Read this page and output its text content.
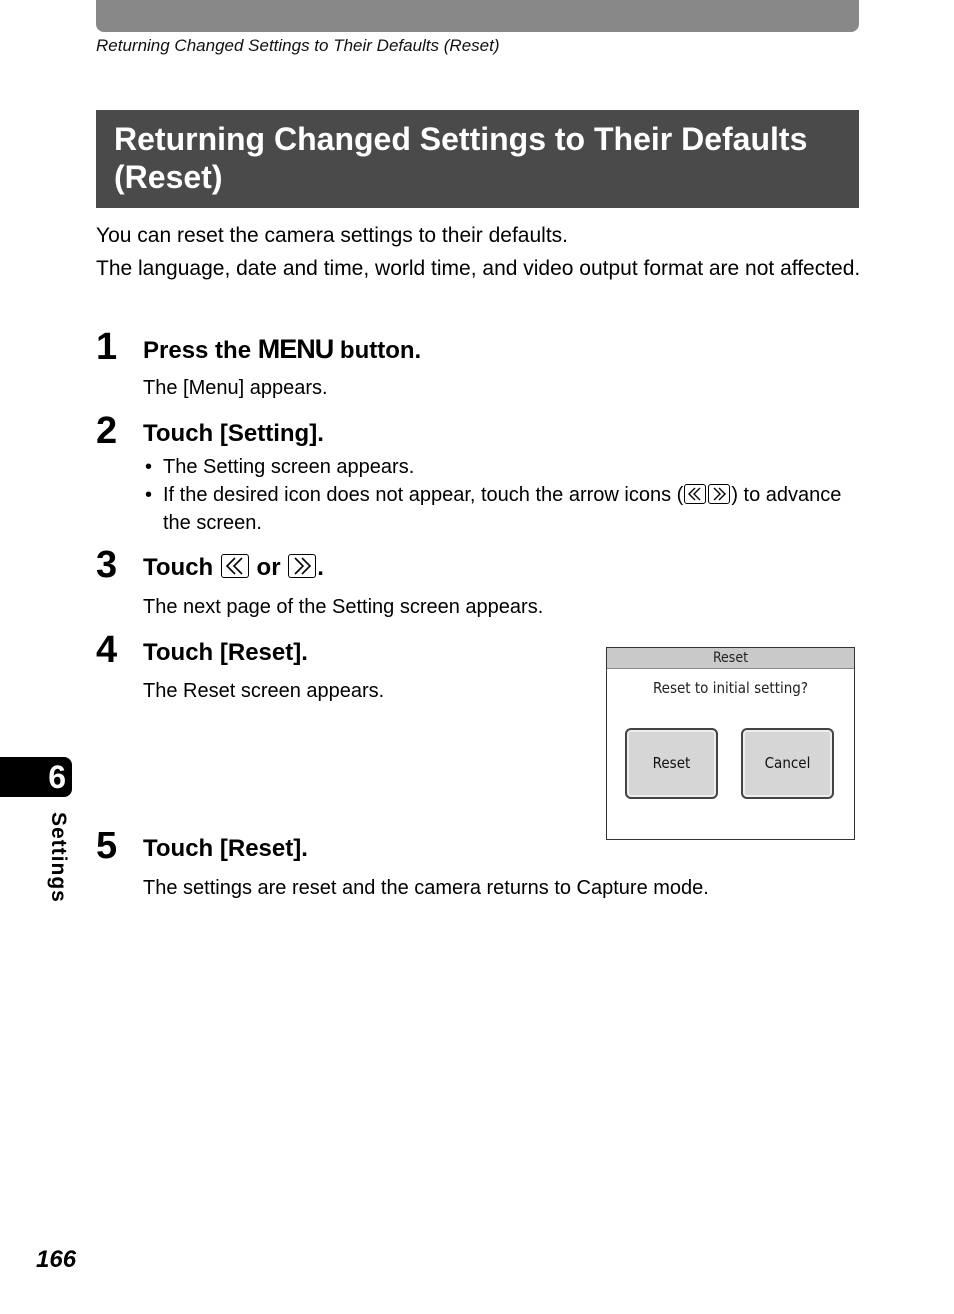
Returning Changed Settings to Their Defaults (Reset)
Returning Changed Settings to Their Defaults (Reset)

You can reset the camera settings to their defaults.

The language, date and time, world time, and video output format are not affected.

1 Press the MENU button.
The [Menu] appears.
2 Touch [Setting].
• The Setting screen appears.
• If the desired icon does not appear, touch the arrow icons ( ) to advance the screen.
3 Touch
or
.
The next page of the Setting screen appears.
4 Touch [Reset].
The Reset screen appears.
Reset
Reset to initial setting?
Reset	Cancel
5 Touch [Reset].
The settings are reset and the camera returns to Capture mode.
6
Settings
166
